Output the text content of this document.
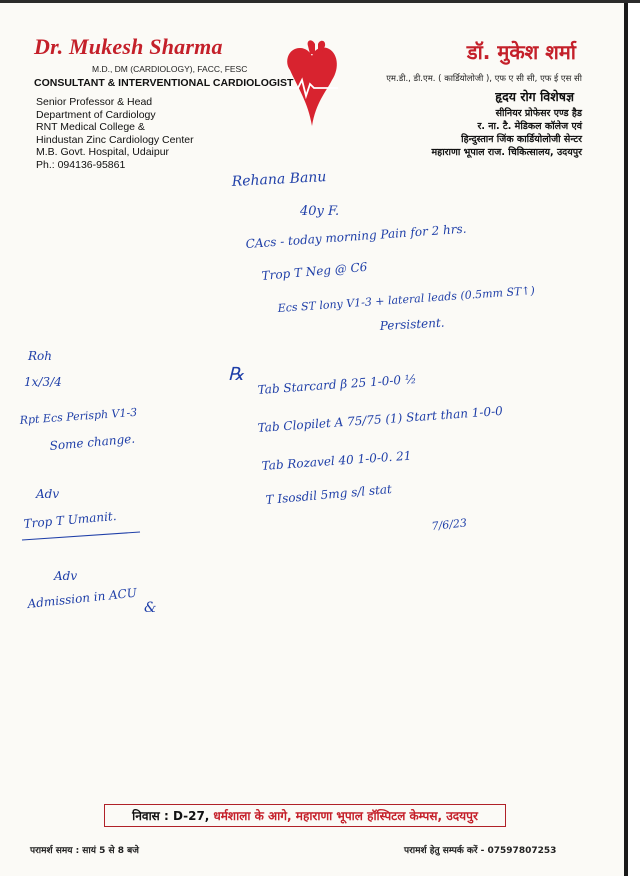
Dr. Mukesh Sharma
M.D., DM (CARDIOLOGY), FACC, FESC
CONSULTANT & INTERVENTIONAL CARDIOLOGIST
Senior Professor & Head
Department of Cardiology
RNT Medical College &
Hindustan Zinc Cardiology Center
M.B. Govt. Hospital, Udaipur
Ph.: 094136-95861
डॉ. मुकेश शर्मा
एम.डी., डी.एम. ( कार्डियोलोजी ), एफ ए सी सी, एफ ई एस सी
हृदय रोग विशेषज्ञ
सीनियर प्रोफेसर एण्ड हैड
र. ना. टै. मेडिकल कॉलेज एवं
हिन्दुस्तान जिंक कार्डियोलोजी सेन्टर
महाराणा भूपाल राज. चिकित्सालय, उदयपुर
Rehana Banu
40y F.
CAcs - today morning Pain for 2 hrs.
Trop T Neg @ C6
Ecs ST lony V1-3 + lateral leads (0.5mm ST↑)
Persistent.
Roh
1x/3/4
Rpt Ecs Perisph V1-3
Some change.
Adv
Trop T Umanit.
Adv
Admission in ACU &
℞ Tab Starcard β 25 1-0-0 ½
Tab Clopilet A 75/75 (1) Start than 1-0-0
Tab Rozavel 40 1-0-0. 21
T Isosdil 5mg s/l stat
7/6/23
निवास : D-27, धर्मशाला के आगे, महाराणा भूपाल हॉस्पिटल केम्पस, उदयपुर
परामर्श समय : सायं 5 से 8 बजे	परामर्श हेतु सम्पर्क करें - 07597807253
